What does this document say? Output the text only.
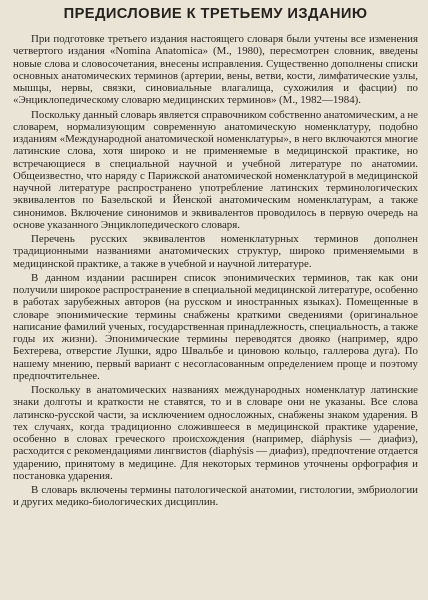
ПРЕДИСЛОВИЕ К ТРЕТЬЕМУ ИЗДАНИЮ

При подготовке третьего издания настоящего словаря были учтены все изменения четвертого издания «Nomina Anatomica» (М., 1980), пересмотрен словник, введены новые слова и словосочетания, внесены исправления. Существенно дополнены списки основных анатомических терминов (артерии, вены, ветви, кости, лимфатические узлы, мышцы, нервы, связки, синовиальные влагалища, сухожилия и фасции) по «Энциклопедическому словарю медицинских терминов» (М., 1982—1984).

Поскольку данный словарь является справочником собственно анатомическим, а не словарем, нормализующим современную анатомическую номенклатуру, подобно изданиям «Международной анатомической номенклатуры», в него включаются многие латинские слова, хотя широко и не применяемые в медицинской практике, но встречающиеся в специальной научной и учебной литературе по анатомии. Общеизвестно, что наряду с Парижской анатомической номенклатурой в медицинской научной литературе распространено употребление латинских терминологических эквивалентов по Базельской и Йенской анатомическим номенклатурам, а также синонимов. Включение синонимов и эквивалентов проводилось в первую очередь на основе указанного Энциклопедического словаря.

Перечень русских эквивалентов номенклатурных терминов дополнен традиционными названиями анатомических структур, широко применяемыми в медицинской практике, а также в учебной и научной литературе.

В данном издании расширен список эпонимических терминов, так как они получили широкое распространение в специальной медицинской литературе, особенно в работах зарубежных авторов (на русском и иностранных языках). Помещенные в словаре эпонимические термины снабжены краткими сведениями (оригинальное написание фамилий ученых, государственная принадлежность, специальность, а также годы их жизни). Эпонимические термины переводятся двояко (например, ядро Бехтерева, отверстие Лушки, ядро Швальбе и циновою кольцо, галлерова дуга). По нашему мнению, первый вариант с несогласованным определением проще и поэтому предпочтительнее.

Поскольку в анатомических названиях международных номенклатур латинские знаки долготы и краткости не ставятся, то и в словаре они не указаны. Все слова латинско-русской части, за исключением односложных, снабжены знаком ударения. В тех случаях, когда традиционно сложившееся в медицинской практике ударение, особенно в словах греческого происхождения (например, diáphysis — диафиз), расходится с рекомендациями лингвистов (diaphýsis — диафиз), предпочтение отдается ударению, принятому в медицине. Для некоторых терминов уточнены орфография и постановка ударения.

В словарь включены термины патологической анатомии, гистологии, эмбриологии и других медико-биологических дисциплин.
